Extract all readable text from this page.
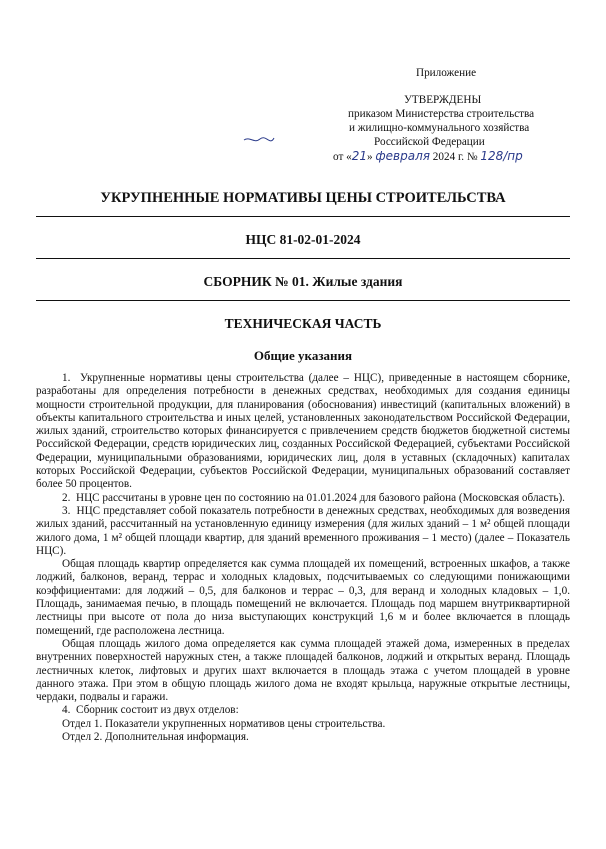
Приложение
УТВЕРЖДЕНЫ
приказом Министерства строительства
и жилищно-коммунального хозяйства
Российской Федерации
от «21» февраля 2024 г. № 128/пр
УКРУПНЕННЫЕ НОРМАТИВЫ ЦЕНЫ СТРОИТЕЛЬСТВА
НЦС 81-02-01-2024
СБОРНИК № 01. Жилые здания
ТЕХНИЧЕСКАЯ ЧАСТЬ
Общие указания

1.  Укрупненные нормативы цены строительства (далее – НЦС), приведенные в настоящем сборнике, разработаны для определения потребности в денежных средствах, необходимых для создания единицы мощности строительной продукции, для планирования (обоснования) инвестиций (капитальных вложений) в объекты капитального строительства и иных целей, установленных законодательством Российской Федерации, жилых зданий, строительство которых финансируется с привлечением средств бюджетов бюджетной системы Российской Федерации, средств юридических лиц, созданных Российской Федерацией, субъектами Российской Федерации, муниципальными образованиями, юридических лиц, доля в уставных (складочных) капиталах которых Российской Федерации, субъектов Российской Федерации, муниципальных образований составляет более 50 процентов.

2.  НЦС рассчитаны в уровне цен по состоянию на 01.01.2024 для базового района (Московская область).

3.  НЦС представляет собой показатель потребности в денежных средствах, необходимых для возведения жилых зданий, рассчитанный на установленную единицу измерения (для жилых зданий – 1 м² общей площади жилого дома, 1 м² общей площади квартир, для зданий временного проживания – 1 место) (далее – Показатель НЦС).

Общая площадь квартир определяется как сумма площадей их помещений, встроенных шкафов, а также лоджий, балконов, веранд, террас и холодных кладовых, подсчитываемых со следующими понижающими коэффициентами: для лоджий – 0,5, для балконов и террас – 0,3, для веранд и холодных кладовых – 1,0. Площадь, занимаемая печью, в площадь помещений не включается. Площадь под маршем внутриквартирной лестницы при высоте от пола до низа выступающих конструкций 1,6 м и более включается в площадь помещений, где расположена лестница.

Общая площадь жилого дома определяется как сумма площадей этажей дома, измеренных в пределах внутренних поверхностей наружных стен, а также площадей балконов, лоджий и открытых веранд. Площадь лестничных клеток, лифтовых и других шахт включается в площадь этажа с учетом площадей в уровне данного этажа. При этом в общую площадь жилого дома не входят крыльца, наружные открытые лестницы, чердаки, подвалы и гаражи.

4.  Сборник состоит из двух отделов:

Отдел 1. Показатели укрупненных нормативов цены строительства.

Отдел 2. Дополнительная информация.
